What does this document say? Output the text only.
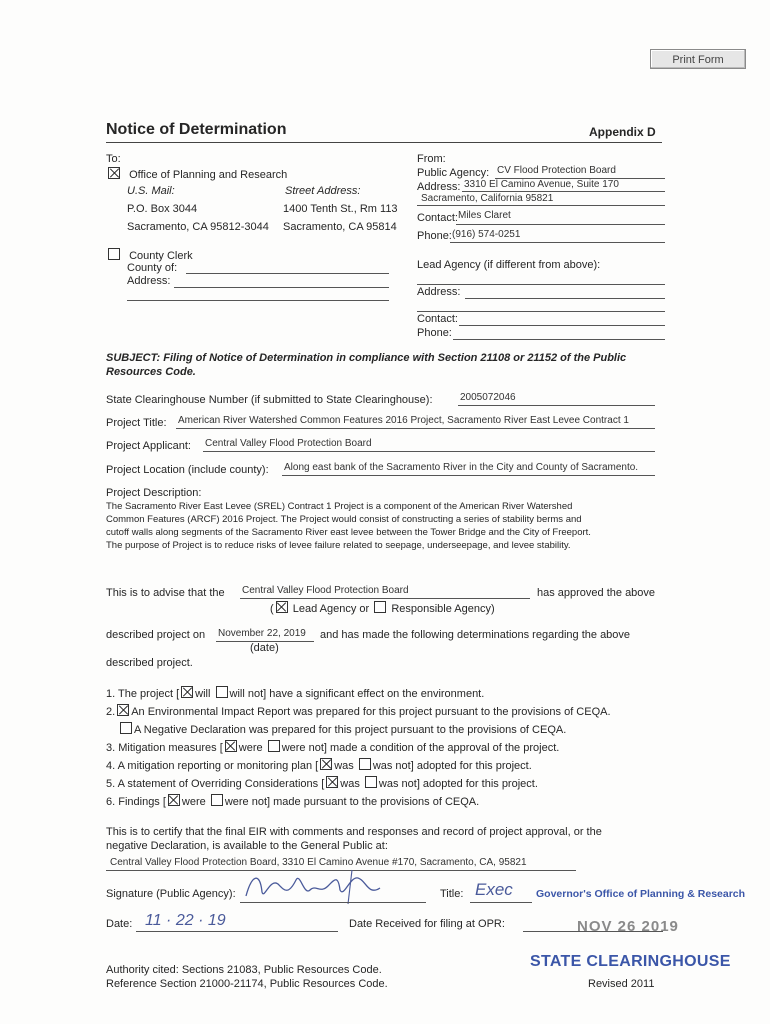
Print Form
Notice of Determination	Appendix D
To:
Office of Planning and Research
U.S. Mail:	Street Address:
P.O. Box 3044	1400 Tenth St., Rm 113
Sacramento, CA 95812-3044 Sacramento, CA 95814
County Clerk
County of:
Address:
From:
Public Agency: CV Flood Protection Board
Address: 3310 El Camino Avenue, Suite 170
Sacramento, California 95821
Contact: Miles Claret
Phone: (916) 574-0251
Lead Agency (if different from above):
Address:
Contact:
Phone:
SUBJECT: Filing of Notice of Determination in compliance with Section 21108 or 21152 of the Public
Resources Code.
State Clearinghouse Number (if submitted to State Clearinghouse):	2005072046
Project Title: American River Watershed Common Features 2016 Project, Sacramento River East Levee Contract 1
Project Applicant: Central Valley Flood Protection Board
Project Location (include county): Along east bank of the Sacramento River in the City and County of Sacramento.
Project Description:
The Sacramento River East Levee (SREL) Contract 1 Project is a component of the American River Watershed
Common Features (ARCF) 2016 Project. The Project would consist of constructing a series of stability berms and
cutoff walls along segments of the Sacramento River east levee between the Tower Bridge and the City of Freeport.
The purpose of Project is to reduce risks of levee failure related to seepage, underseepage, and levee stability.
This is to advise that the Central Valley Flood Protection Board	has approved the above
( Lead Agency or Responsible Agency)
described project on November 22, 2019 and has made the following determinations regarding the above
(date)
described project.
1. The project [ will will not] have a significant effect on the environment.
2. An Environmental Impact Report was prepared for this project pursuant to the provisions of CEQA.
A Negative Declaration was prepared for this project pursuant to the provisions of CEQA.
3. Mitigation measures [ were were not] made a condition of the approval of the project.
4. A mitigation reporting or monitoring plan [ was was not] adopted for this project.
5. A statement of Overriding Considerations [ was was not] adopted for this project.
6. Findings [ were were not] made pursuant to the provisions of CEQA.
This is to certify that the final EIR with comments and responses and record of project approval, or the
negative Declaration, is available to the General Public at:
Central Valley Flood Protection Board, 3310 El Camino Avenue #170, Sacramento, CA, 95821
Signature (Public Agency):	Title: Exec Governor's Office of Planning & Research
Date: 11 · 22 · 19	Date Received for filing at OPR:	NOV 26 2019
STATE CLEARINGHOUSE
Authority cited: Sections 21083, Public Resources Code.
Reference Section 21000-21174, Public Resources Code.	Revised 2011
